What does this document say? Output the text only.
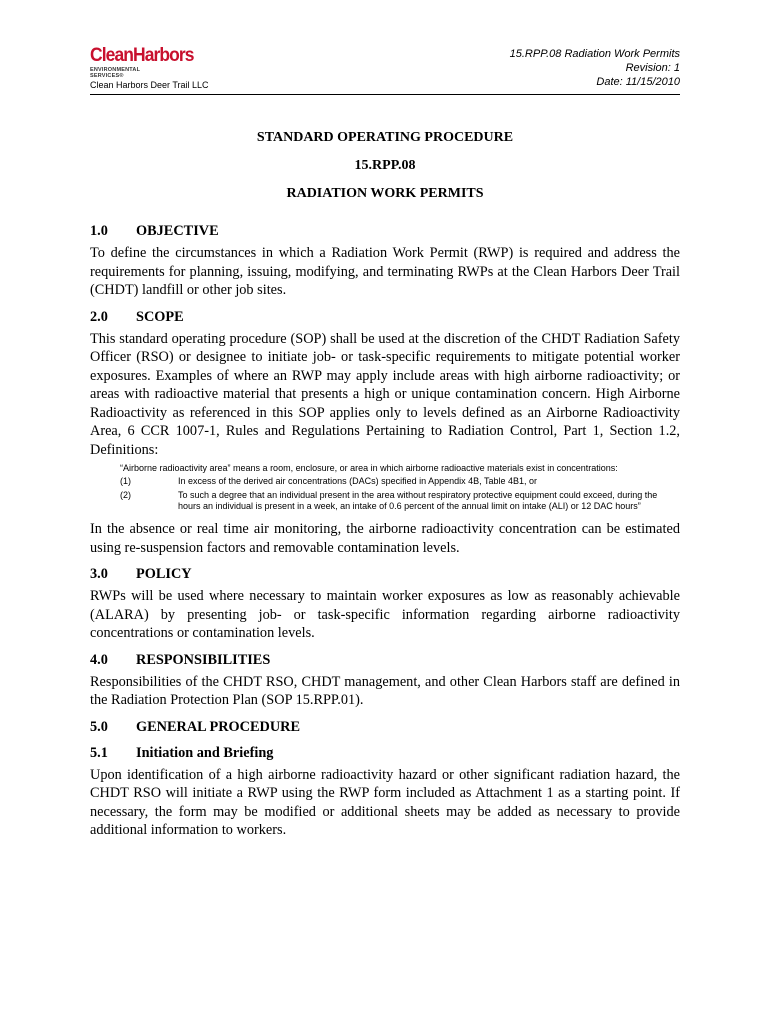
CleanHarbors
ENVIRONMENTAL SERVICES®
Clean Harbors Deer Trail LLC
15.RPP.08 Radiation Work Permits
Revision: 1
Date: 11/15/2010
STANDARD OPERATING PROCEDURE
15.RPP.08
RADIATION WORK PERMITS
1.0 OBJECTIVE

To define the circumstances in which a Radiation Work Permit (RWP) is required and address the requirements for planning, issuing, modifying, and terminating RWPs at the Clean Harbors Deer Trail (CHDT) landfill or other job sites.

2.0 SCOPE

This standard operating procedure (SOP) shall be used at the discretion of the CHDT Radiation Safety Officer (RSO) or designee to initiate job- or task-specific requirements to mitigate potential worker exposures. Examples of where an RWP may apply include areas with high airborne radioactivity; or areas with radioactive material that presents a high or unique contamination concern. High Airborne Radioactivity as referenced in this SOP applies only to levels defined as an Airborne Radioactivity Area, 6 CCR 1007-1, Rules and Regulations Pertaining to Radiation Control, Part 1, Section 1.2, Definitions:

“Airborne radioactivity area” means a room, enclosure, or area in which airborne radioactive materials exist in concentrations:
(1)	In excess of the derived air concentrations (DACs) specified in Appendix 4B, Table 4B1, or
(2)	To such a degree that an individual present in the area without respiratory protective equipment could exceed, during the hours an individual is present in a week, an intake of 0.6 percent of the annual limit on intake (ALI) or 12 DAC hours”

In the absence or real time air monitoring, the airborne radioactivity concentration can be estimated using re-suspension factors and removable contamination levels.

3.0 POLICY

RWPs will be used where necessary to maintain worker exposures as low as reasonably achievable (ALARA) by presenting job- or task-specific information regarding airborne radioactivity concentrations or contamination levels.

4.0 RESPONSIBILITIES

Responsibilities of the CHDT RSO, CHDT management, and other Clean Harbors staff are defined in the Radiation Protection Plan (SOP 15.RPP.01).

5.0 GENERAL PROCEDURE
5.1 Initiation and Briefing

Upon identification of a high airborne radioactivity hazard or other significant radiation hazard, the CHDT RSO will initiate a RWP using the RWP form included as Attachment 1 as a starting point. If necessary, the form may be modified or additional sheets may be added as necessary to provide additional information to workers.
